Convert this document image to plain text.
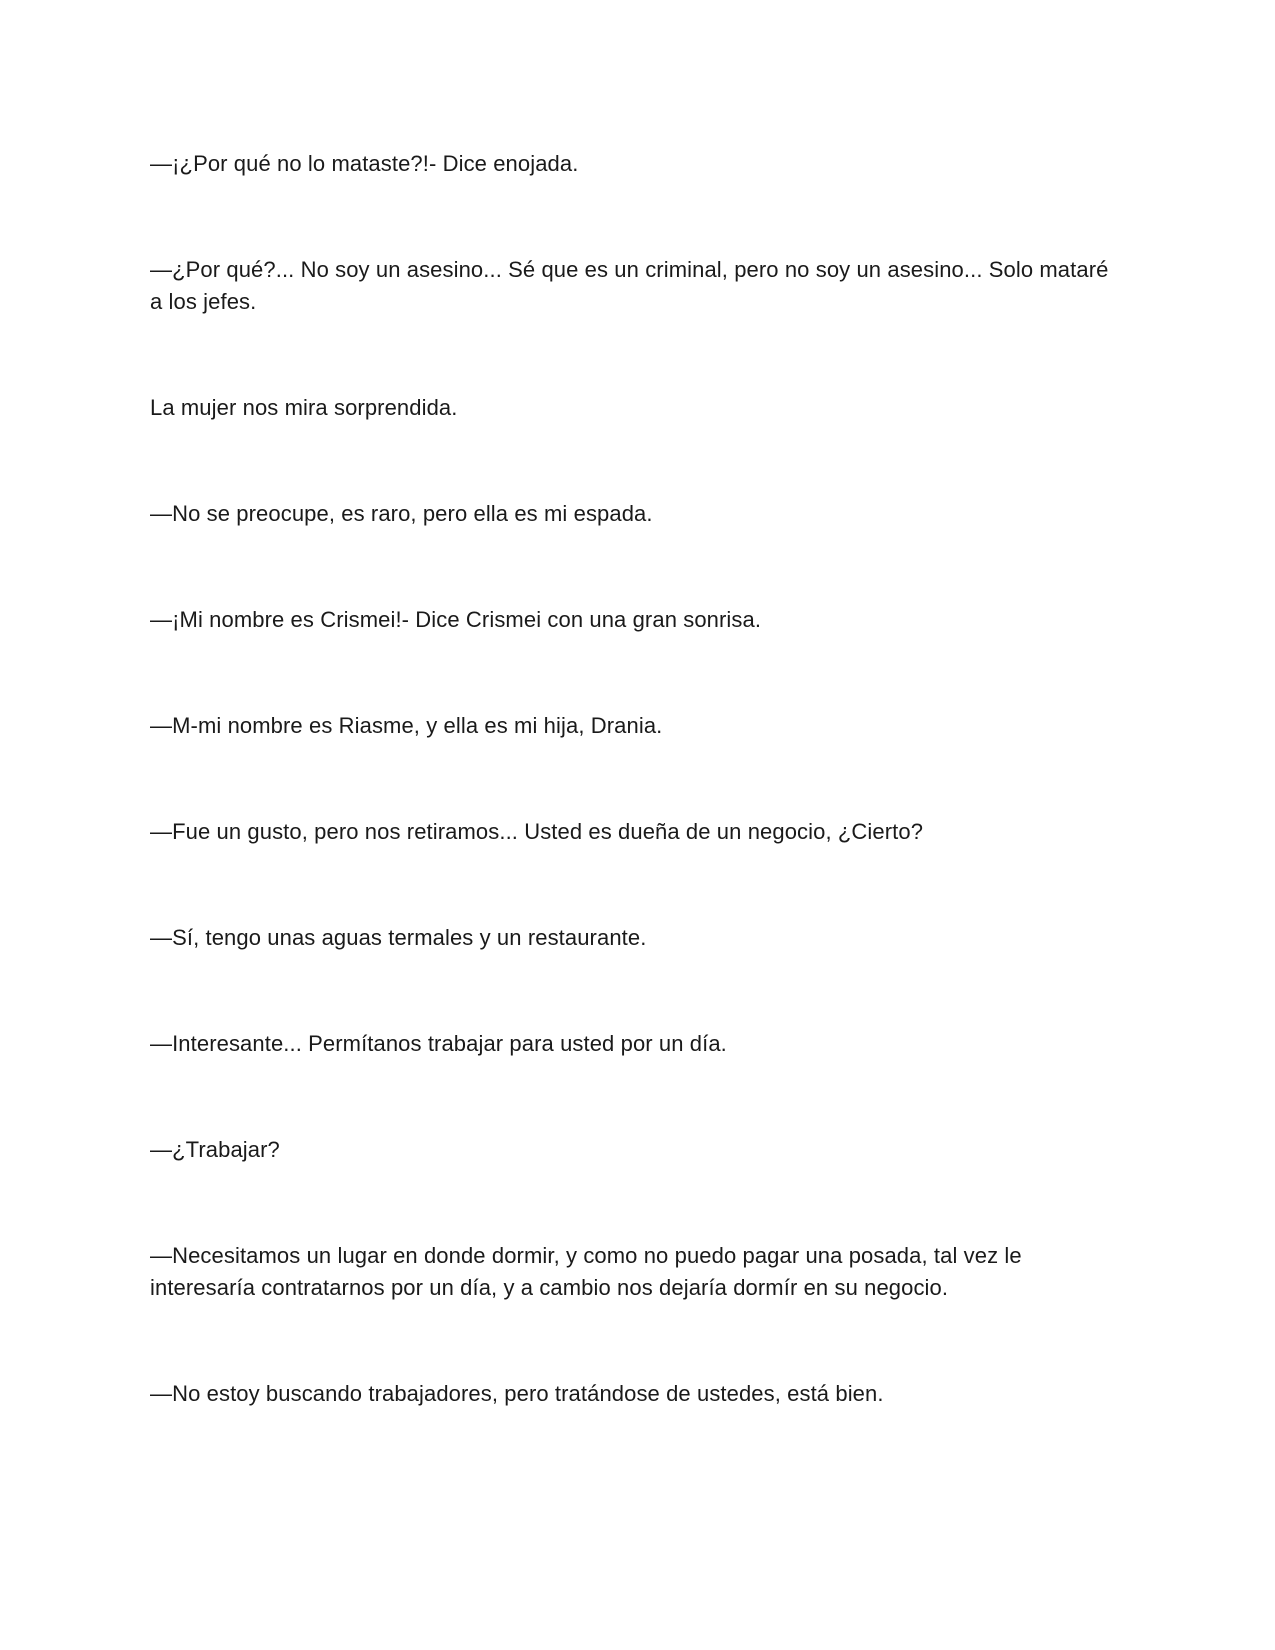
—¡¿Por qué no lo mataste?!- Dice enojada.

—¿Por qué?... No soy un asesino... Sé que es un criminal, pero no soy un asesino... Solo mataré a los jefes.

La mujer nos mira sorprendida.

—No se preocupe, es raro, pero ella es mi espada.

—¡Mi nombre es Crismei!- Dice Crismei con una gran sonrisa.

—M-mi nombre es Riasme, y ella es mi hija, Drania.

—Fue un gusto, pero nos retiramos... Usted es dueña de un negocio, ¿Cierto?

—Sí, tengo unas aguas termales y un restaurante.

—Interesante... Permítanos trabajar para usted por un día.

—¿Trabajar?

—Necesitamos un lugar en donde dormir, y como no puedo pagar una posada, tal vez le interesaría contratarnos por un día, y a cambio nos dejaría dormír en su negocio.

—No estoy buscando trabajadores, pero tratándose de ustedes, está bien.
